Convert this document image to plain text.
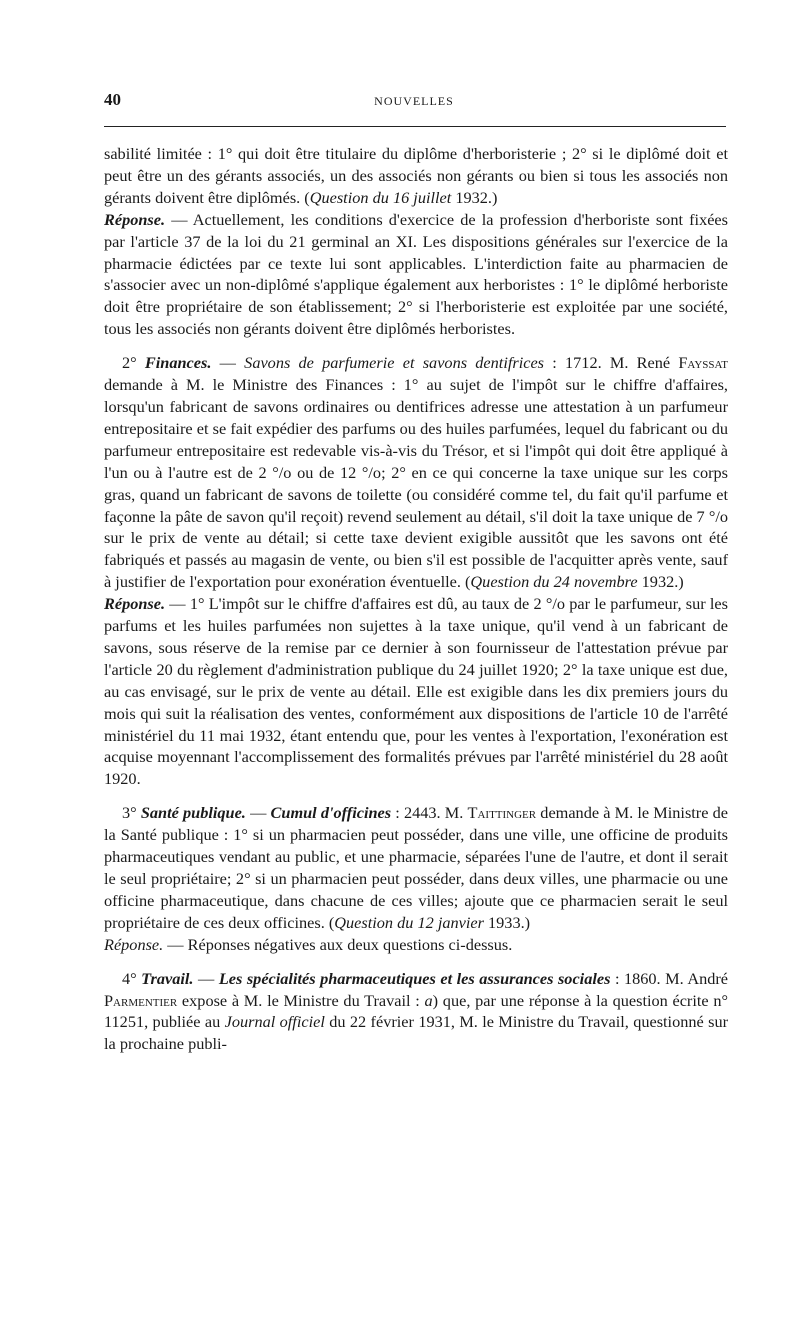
40	NOUVELLES

sabilité limitée : 1° qui doit être titulaire du diplôme d'herboristerie ; 2° si le diplômé doit et peut être un des gérants associés, un des associés non gérants ou bien si tous les associés non gérants doivent être diplômés. (Question du 16 juillet 1932.)

Réponse. — Actuellement, les conditions d'exercice de la profession d'herboriste sont fixées par l'article 37 de la loi du 21 germinal an XI. Les dispositions générales sur l'exercice de la pharmacie édictées par ce texte lui sont applicables. L'interdiction faite au pharmacien de s'associer avec un non-diplômé s'applique également aux herboristes : 1° le diplômé herboriste doit être propriétaire de son établissement; 2° si l'herboristerie est exploitée par une société, tous les associés non gérants doivent être diplômés herboristes.

2° Finances. — Savons de parfumerie et savons dentifrices : 1712. M. René Fayssat demande à M. le Ministre des Finances : 1° au sujet de l'impôt sur le chiffre d'affaires, lorsqu'un fabricant de savons ordinaires ou dentifrices adresse une attestation à un parfumeur entrepositaire et se fait expédier des parfums ou des huiles parfumées, lequel du fabricant ou du parfumeur entrepositaire est redevable vis-à-vis du Trésor, et si l'impôt qui doit être appliqué à l'un ou à l'autre est de 2 °/o ou de 12 °/o; 2° en ce qui concerne la taxe unique sur les corps gras, quand un fabricant de savons de toilette (ou considéré comme tel, du fait qu'il parfume et façonne la pâte de savon qu'il reçoit) revend seulement au détail, s'il doit la taxe unique de 7 °/o sur le prix de vente au détail; si cette taxe devient exigible aussitôt que les savons ont été fabriqués et passés au magasin de vente, ou bien s'il est possible de l'acquitter après vente, sauf à justifier de l'exportation pour exonération éventuelle. (Question du 24 novembre 1932.)

Réponse. — 1° L'impôt sur le chiffre d'affaires est dû, au taux de 2 °/o par le parfumeur, sur les parfums et les huiles parfumées non sujettes à la taxe unique, qu'il vend à un fabricant de savons, sous réserve de la remise par ce dernier à son fournisseur de l'attestation prévue par l'article 20 du règlement d'administration publique du 24 juillet 1920; 2° la taxe unique est due, au cas envisagé, sur le prix de vente au détail. Elle est exigible dans les dix premiers jours du mois qui suit la réalisation des ventes, conformément aux dispositions de l'article 10 de l'arrêté ministériel du 11 mai 1932, étant entendu que, pour les ventes à l'exportation, l'exonération est acquise moyennant l'accomplissement des formalités prévues par l'arrêté ministériel du 28 août 1920.

3° Santé publique. — Cumul d'officines : 2443. M. Taittinger demande à M. le Ministre de la Santé publique : 1° si un pharmacien peut posséder, dans une ville, une officine de produits pharmaceutiques vendant au public, et une pharmacie, séparées l'une de l'autre, et dont il serait le seul propriétaire; 2° si un pharmacien peut posséder, dans deux villes, une pharmacie ou une officine pharmaceutique, dans chacune de ces villes; ajoute que ce pharmacien serait le seul propriétaire de ces deux officines. (Question du 12 janvier 1933.)

Réponse. — Réponses négatives aux deux questions ci-dessus.

4° Travail. — Les spécialités pharmaceutiques et les assurances sociales : 1860. M. André Parmentier expose à M. le Ministre du Travail : a) que, par une réponse à la question écrite n° 11251, publiée au Journal officiel du 22 février 1931, M. le Ministre du Travail, questionné sur la prochaine publi-
